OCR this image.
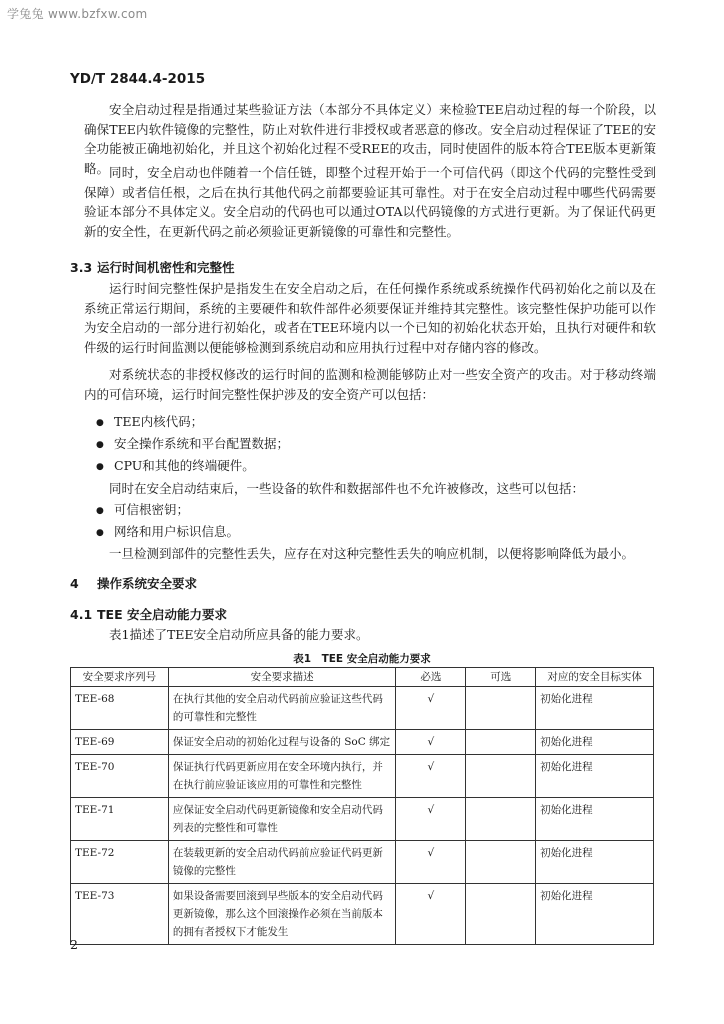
学兔兔 www.bzfxw.com
YD/T 2844.4-2015

安全启动过程是指通过某些验证方法（本部分不具体定义）来检验TEE启动过程的每一个阶段，以确保TEE内软件镜像的完整性，防止对软件进行非授权或者恶意的修改。安全启动过程保证了TEE的安全功能被正确地初始化，并且这个初始化过程不受REE的攻击，同时使固件的版本符合TEE版本更新策略。 同时，安全启动也伴随着一个信任链，即整个过程开始于一个可信代码（即这个代码的完整性受到保障）或者信任根，之后在执行其他代码之前都要验证其可靠性。对于在安全启动过程中哪些代码需要验证本部分不具体定义。安全启动的代码也可以通过OTA以代码镜像的方式进行更新。为了保证代码更新的安全性，在更新代码之前必须验证更新镜像的可靠性和完整性。

3.3 运行时间机密性和完整性

运行时间完整性保护是指发生在安全启动之后，在任何操作系统或系统操作代码初始化之前以及在系统正常运行期间，系统的主要硬件和软件部件必须要保证并维持其完整性。该完整性保护功能可以作为安全启动的一部分进行初始化，或者在TEE环境内以一个已知的初始化状态开始，且执行对硬件和软件级的运行时间监测以便能够检测到系统启动和应用执行过程中对存储内容的修改。

对系统状态的非授权修改的运行时间的监测和检测能够防止对一些安全资产的攻击。对于移动终端内的可信环境，运行时间完整性保护涉及的安全资产可以包括：

● TEE内核代码；
● 安全操作系统和平台配置数据；
● CPU和其他的终端硬件。

同时在安全启动结束后，一些设备的软件和数据部件也不允许被修改，这些可以包括：

● 可信根密钥；
● 网络和用户标识信息。

一旦检测到部件的完整性丢失，应存在对这种完整性丢失的响应机制，以便将影响降低为最小。

4 操作系统安全要求
4.1 TEE 安全启动能力要求

表1描述了TEE安全启动所应具备的能力要求。

表1　TEE 安全启动能力要求
安全要求序列号	安全要求描述	必选	可选	对应的安全目标实体
TEE-68	在执行其他的安全启动代码前应验证这些代码的可靠性和完整性	√		初始化进程
TEE-69	保证安全启动的初始化过程与设备的 SoC 绑定	√		初始化进程
TEE-70	保证执行代码更新应用在安全环境内执行，并在执行前应验证该应用的可靠性和完整性	√		初始化进程
TEE-71	应保证安全启动代码更新镜像和安全启动代码列表的完整性和可靠性	√		初始化进程
TEE-72	在装载更新的安全启动代码前应验证代码更新镜像的完整性	√		初始化进程
TEE-73	如果设备需要回滚到早些版本的安全启动代码更新镜像，那么这个回滚操作必须在当前版本的拥有者授权下才能发生	√		初始化进程
2
